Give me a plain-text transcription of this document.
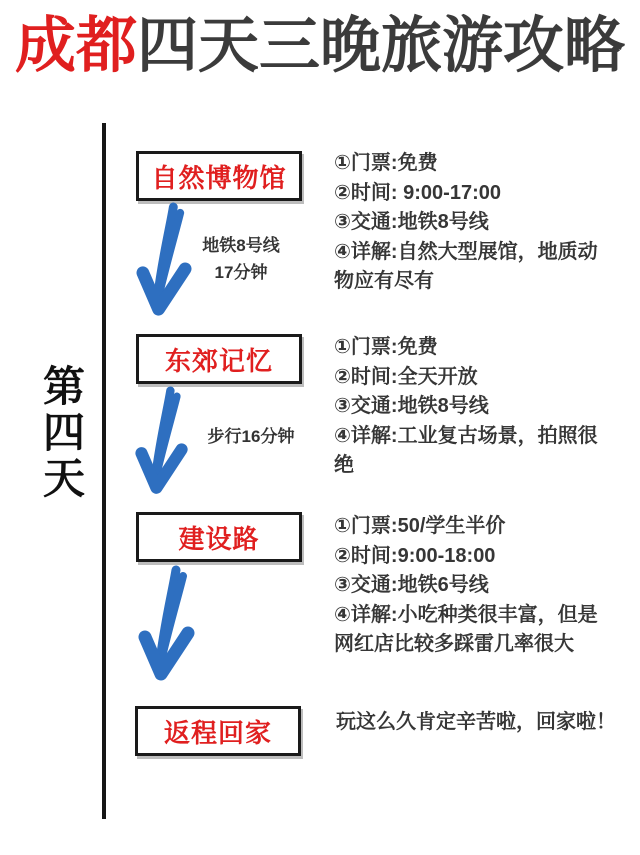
成都四天三晚旅游攻略
第四天
自然博物馆 ①门票:免费
②时间: 9:00-17:00
③交通:地铁8号线
④详解:自然大型展馆，地质动物应有尽有
地铁8号线
17分钟
东郊记忆	①门票:免费
②时间:全天开放
③交通:地铁8号线
④详解:工业复古场景，拍照很绝
步行16分钟
建设路	①门票:50/学生半价
②时间:9:00-18:00
③交通:地铁6号线
④详解:小吃种类很丰富，但是网红店比较多踩雷几率很大
返程回家	玩这么久肯定辛苦啦，回家啦！
